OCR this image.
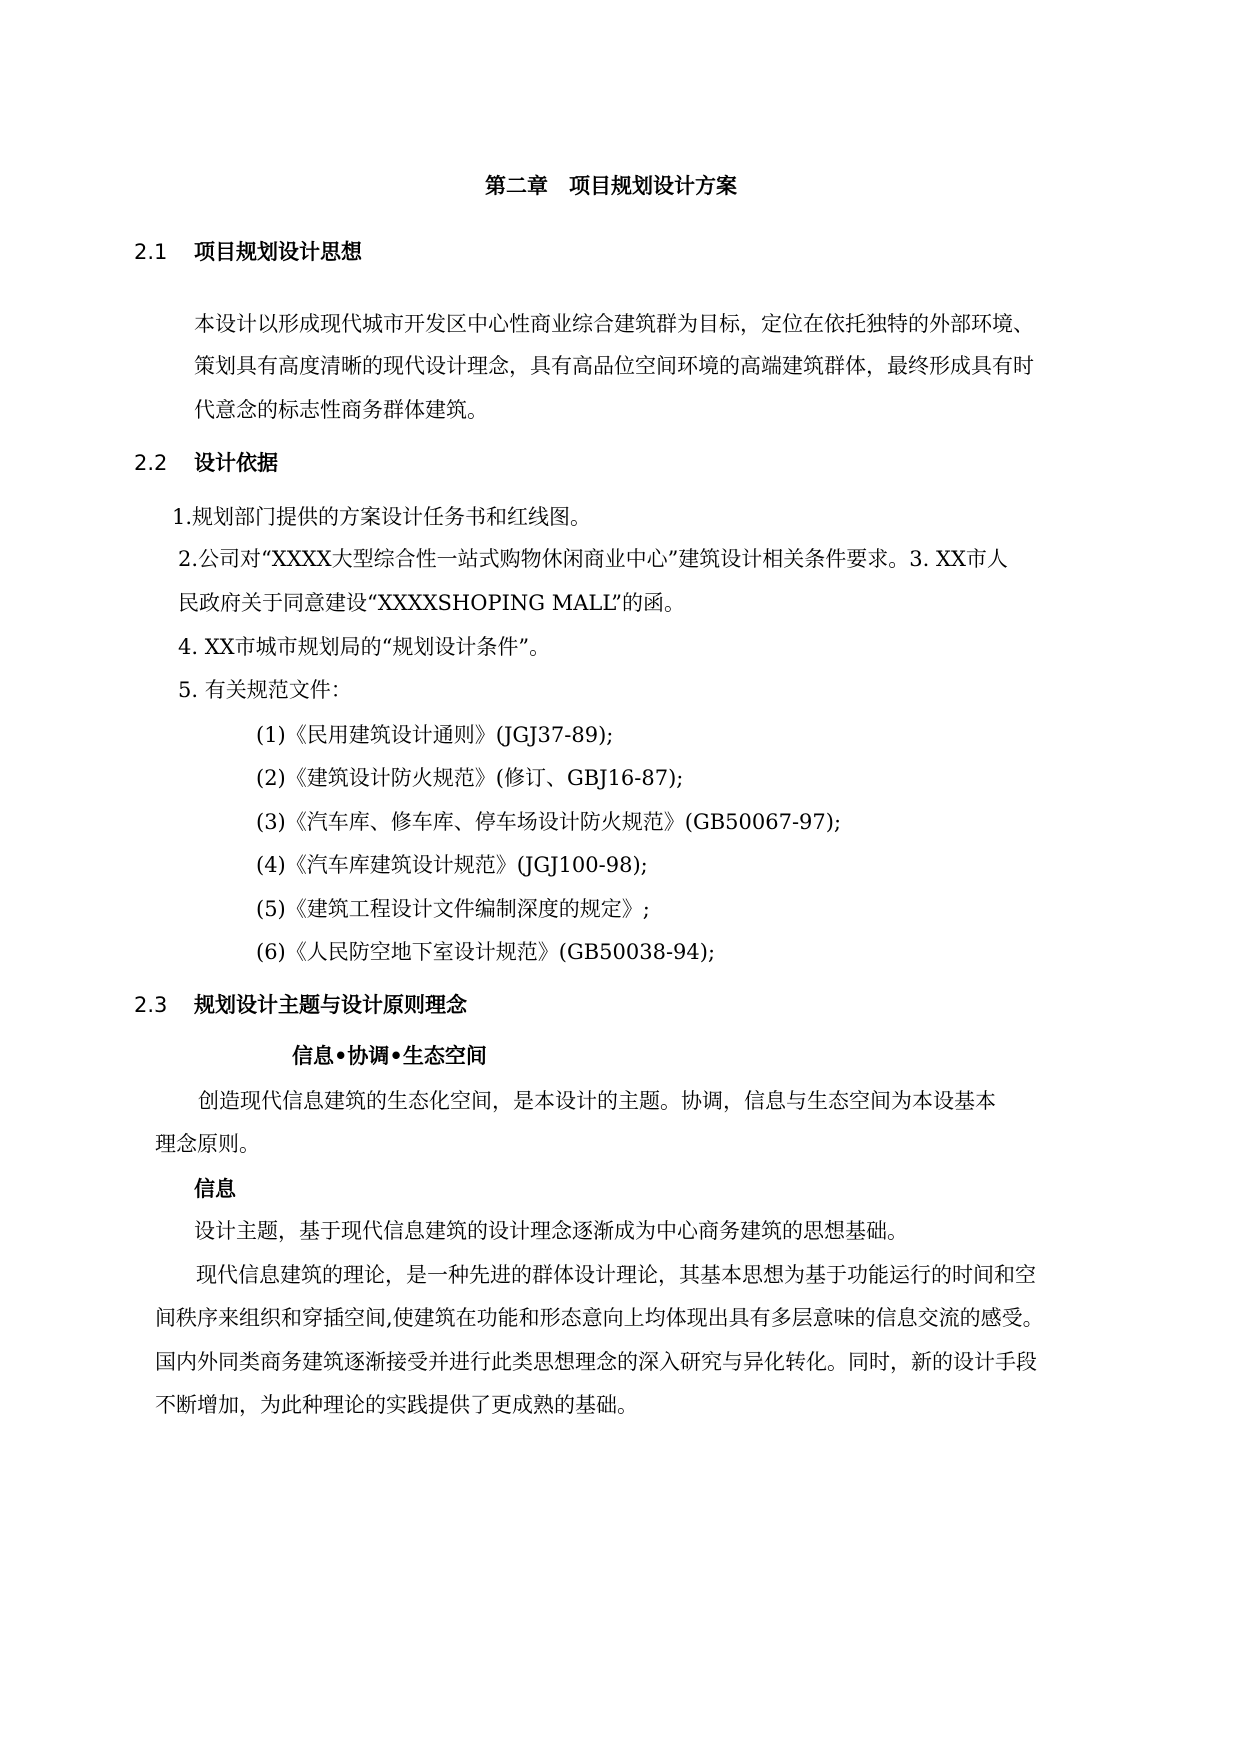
第二章　项目规划设计方案
2.1 项目规划设计思想
本设计以形成现代城市开发区中心性商业综合建筑群为目标，定位在依托独特的外部环境、
策划具有高度清晰的现代设计理念，具有高品位空间环境的高端建筑群体，最终形成具有时
代意念的标志性商务群体建筑。
2.2 设计依据
1.规划部门提供的方案设计任务书和红线图。
2.公司对“XXXX大型综合性一站式购物休闲商业中心”建筑设计相关条件要求。3. XX市人
民政府关于同意建设“XXXXSHOPING MALL”的函。
4. XX市城市规划局的“规划设计条件”。
5. 有关规范文件：
(1)《民用建筑设计通则》(JGJ37-89);
(2)《建筑设计防火规范》(修订、GBJ16-87);
(3)《汽车库、修车库、停车场设计防火规范》(GB50067-97);
(4)《汽车库建筑设计规范》(JGJ100-98);
(5)《建筑工程设计文件编制深度的规定》;
(6)《人民防空地下室设计规范》(GB50038-94);
2.3 规划设计主题与设计原则理念
信息•协调•生态空间
创造现代信息建筑的生态化空间，是本设计的主题。协调，信息与生态空间为本设基本
理念原则。
信息
设计主题，基于现代信息建筑的设计理念逐渐成为中心商务建筑的思想基础。
现代信息建筑的理论，是一种先进的群体设计理论，其基本思想为基于功能运行的时间和空
间秩序来组织和穿插空间,使建筑在功能和形态意向上均体现出具有多层意味的信息交流的感受。
国内外同类商务建筑逐渐接受并进行此类思想理念的深入研究与异化转化。同时，新的设计手段
不断增加，为此种理论的实践提供了更成熟的基础。
